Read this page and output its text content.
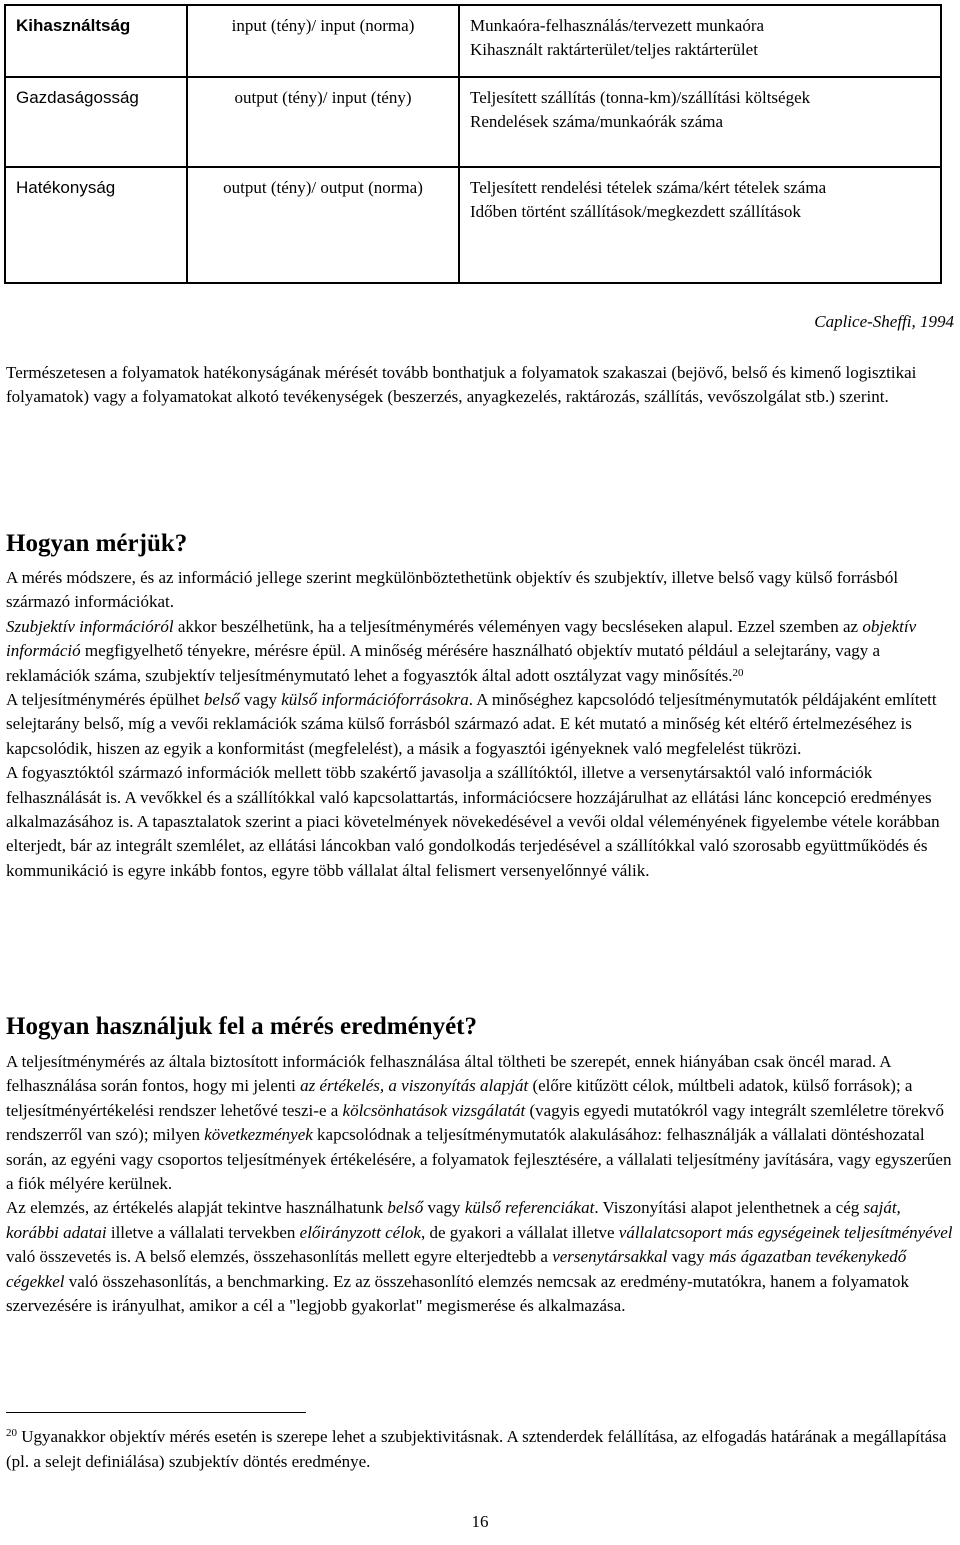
Kihasználtság	input (tény)/ input (norma)	Munkaóra-felhasználás/tervezett munkaóra
Kihasznált raktárterület/teljes raktárterület

Gazdaságosság	output (tény)/ input (tény)	Teljesített szállítás (tonna-km)/szállítási költségek
Rendelések száma/munkaórák száma

Hatékonyság	output (tény)/ output (norma)	Teljesített rendelési tételek száma/kért tételek száma
Időben történt szállítások/megkezdett szállítások
Caplice-Sheffi, 1994

Természetesen a folyamatok hatékonyságának mérését tovább bonthatjuk a folyamatok szakaszai (bejövő, belső és kimenő logisztikai folyamatok) vagy a folyamatokat alkotó tevékenységek (beszerzés, anyagkezelés, raktározás, szállítás, vevőszolgálat stb.) szerint.

Hogyan mérjük?
A mérés módszere, és az információ jellege szerint megkülönböztethetünk objektív és szubjektív, illetve belső vagy külső forrásból származó információkat.
Szubjektív információról akkor beszélhetünk, ha a teljesítménymérés véleményen vagy becsléseken alapul. Ezzel szemben az objektív információ megfigyelhető tényekre, mérésre épül. A minőség mérésére használható objektív mutató például a selejtarány, vagy a reklamációk száma, szubjektív teljesítménymutató lehet a fogyasztók által adott osztályzat vagy minősítés.$^{20}$
A teljesítménymérés épülhet belső vagy külső információforrásokra. A minőséghez kapcsolódó teljesítménymutatók példájaként említett selejtarány belső, míg a vevői reklamációk száma külső forrásból származó adat. E két mutató a minőség két eltérő értelmezéséhez is kapcsolódik, hiszen az egyik a konformitást (megfelelést), a másik a fogyasztói igényeknek való megfelelést tükrözi.
A fogyasztóktól származó információk mellett több szakértő javasolja a szállítóktól, illetve a versenytársaktól való információk felhasználását is. A vevőkkel és a szállítókkal való kapcsolattartás, információcsere hozzájárulhat az ellátási lánc koncepció eredményes alkalmazásához is. A tapasztalatok szerint a piaci követelmények növekedésével a vevői oldal véleményének figyelembe vétele korábban elterjedt, bár az integrált szemlélet, az ellátási láncokban való gondolkodás terjedésével a szállítókkal való szorosabb együttműködés és kommunikáció is egyre inkább fontos, egyre több vállalat által felismert versenyelőnnyé válik.
Hogyan használjuk fel a mérés eredményét?
A teljesítménymérés az általa biztosított információk felhasználása által töltheti be szerepét, ennek hiányában csak öncél marad. A felhasználása során fontos, hogy mi jelenti az értékelés, a viszonyítás alapját (előre kitűzött célok, múltbeli adatok, külső források); a teljesítményértékelési rendszer lehetővé teszi-e a kölcsönhatások vizsgálatát (vagyis egyedi mutatókról vagy integrált szemléletre törekvő rendszerről van szó); milyen következmények kapcsolódnak a teljesítménymutatók alakulásához: felhasználják a vállalati döntéshozatal során, az egyéni vagy csoportos teljesítmények értékelésére, a folyamatok fejlesztésére, a vállalati teljesítmény javítására, vagy egyszerűen a fiók mélyére kerülnek.
Az elemzés, az értékelés alapját tekintve használhatunk belső vagy külső referenciákat. Viszonyítási alapot jelenthetnek a cég saját, korábbi adatai illetve a vállalati tervekben előirányzott célok, de gyakori a vállalat illetve vállalatcsoport más egységeinek teljesítményével való összevetés is. A belső elemzés, összehasonlítás mellett egyre elterjedtebb a versenytársakkal vagy más ágazatban tevékenykedő cégekkel való összehasonlítás, a benchmarking. Ez az összehasonlító elemzés nemcsak az eredmény-mutatókra, hanem a folyamatok szervezésére is irányulhat, amikor a cél a "legjobb gyakorlat" megismerése és alkalmazása.

$^{20}$ Ugyanakkor objektív mérés esetén is szerepe lehet a szubjektivitásnak. A sztenderdek felállítása, az elfogadás határának a megállapítása (pl. a selejt definiálása) szubjektív döntés eredménye.

16
